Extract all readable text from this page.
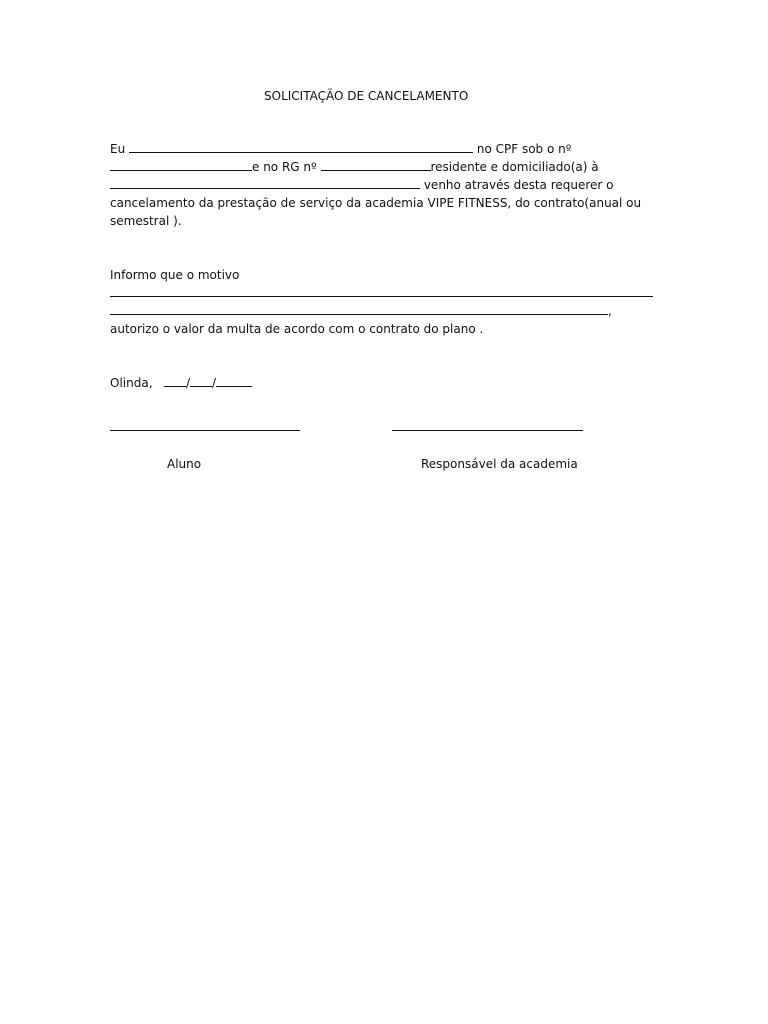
SOLICITAÇÃO DE CANCELAMENTO
Eu	no CPF sob o nº
e no RG nº	residente e domiciliado(a) à
venho através desta requerer o
cancelamento da prestação de serviço da academia VIPE FITNESS, do contrato(anual ou
semestral ).
Informo que o motivo
,
autorizo o valor da multa de acordo com o contrato do plano .
Olinda,	/ /
Aluno	Responsável da academia
